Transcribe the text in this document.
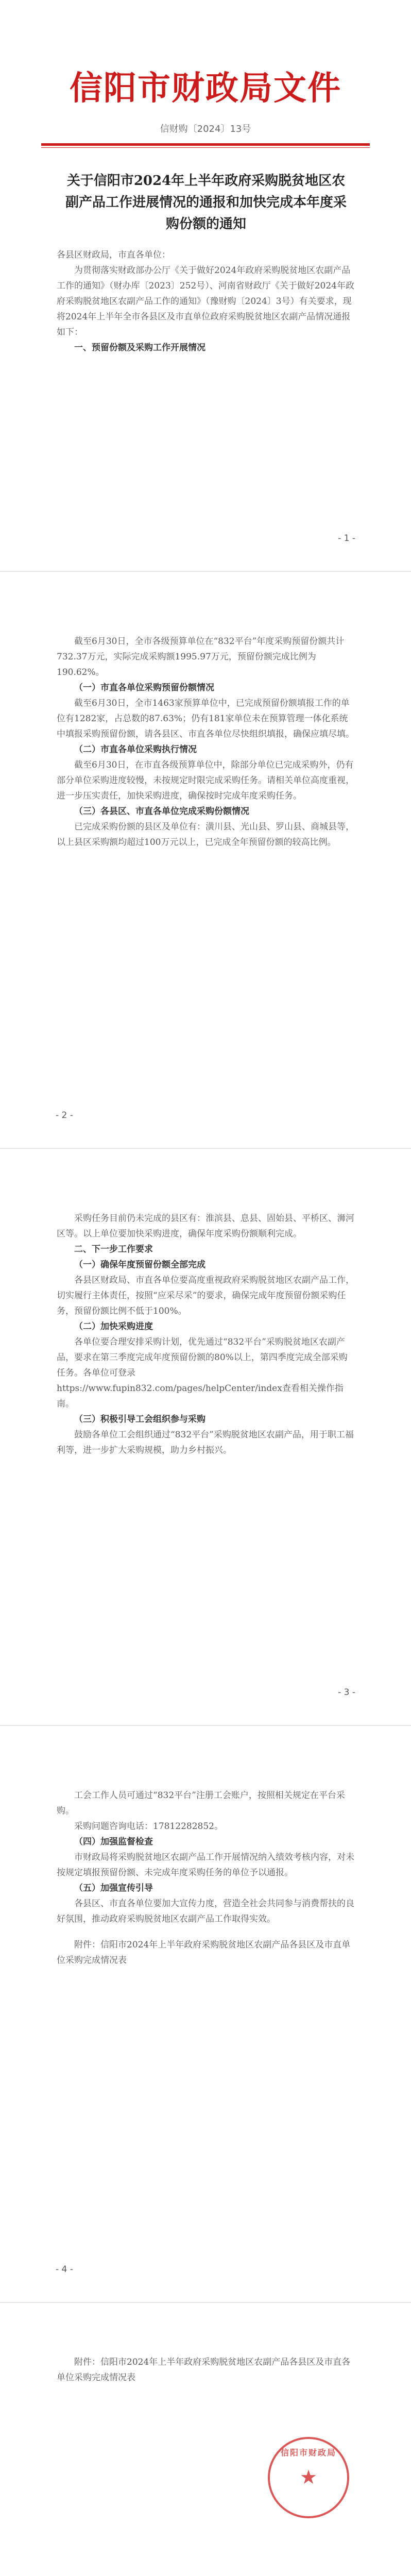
信阳市财政局文件
信财购〔2024〕13号
关于信阳市2024年上半年政府采购脱贫地区农副产品工作进展情况的通报和加快完成本年度采购份额的通知

各县区财政局，市直各单位：

为贯彻落实财政部办公厅《关于做好2024年政府采购脱贫地区农副产品工作的通知》（财办库〔2023〕252号）、河南省财政厅《关于做好2024年政府采购脱贫地区农副产品工作的通知》（豫财购〔2024〕3号）有关要求，现将2024年上半年全市各县区及市直单位政府采购脱贫地区农副产品情况通报如下：

一、预留份额及采购工作开展情况

- 1 -

截至6月30日，全市各级预算单位在“832平台”年度采购预留份额共计732.37万元，实际完成采购额1995.97万元，预留份额完成比例为190.62%。

（一）市直各单位采购预留份额情况

截至6月30日，全市1463家预算单位中，已完成预留份额填报工作的单位有1282家，占总数的87.63%；仍有181家单位未在预算管理一体化系统中填报采购预留份额，请各县区、市直各单位尽快组织填报，确保应填尽填。

（二）市直各单位采购执行情况

截至6月30日，在市直各级预算单位中，除部分单位已完成采购外，仍有部分单位采购进度较慢，未按规定时限完成采购任务。请相关单位高度重视，进一步压实责任，加快采购进度，确保按时完成年度采购任务。

（三）各县区、市直各单位完成采购份额情况

已完成采购份额的县区及单位有：潢川县、光山县、罗山县、商城县等，以上县区采购额均超过100万元以上，已完成全年预留份额的较高比例。

- 2 -

采购任务目前仍未完成的县区有：淮滨县、息县、固始县、平桥区、浉河区等。以上单位要加快采购进度，确保年度采购份额顺利完成。

二、下一步工作要求

（一）确保年度预留份额全部完成

各县区财政局、市直各单位要高度重视政府采购脱贫地区农副产品工作，切实履行主体责任，按照“应采尽采”的要求，确保完成年度预留份额采购任务，预留份额比例不低于100%。

（二）加快采购进度

各单位要合理安排采购计划，优先通过“832平台”采购脱贫地区农副产品，要求在第三季度完成年度预留份额的80%以上，第四季度完成全部采购任务。各单位可登录https://www.fupin832.com/pages/helpCenter/index查看相关操作指南。

（三）积极引导工会组织参与采购

鼓励各单位工会组织通过“832平台”采购脱贫地区农副产品，用于职工福利等，进一步扩大采购规模，助力乡村振兴。

- 3 -

工会工作人员可通过“832平台”注册工会账户，按照相关规定在平台采购。

采购问题咨询电话：17812282852。

（四）加强监督检查

市财政局将采购脱贫地区农副产品工作开展情况纳入绩效考核内容，对未按规定填报预留份额、未完成年度采购任务的单位予以通报。

（五）加强宣传引导

各县区、市直各单位要加大宣传力度，营造全社会共同参与消费帮扶的良好氛围，推动政府采购脱贫地区农副产品工作取得实效。

附件：信阳市2024年上半年政府采购脱贫地区农副产品各县区及市直单位采购完成情况表

- 4 -

附件：信阳市2024年上半年政府采购脱贫地区农副产品各县区及市直各单位采购完成情况表

信阳市财政局
★
